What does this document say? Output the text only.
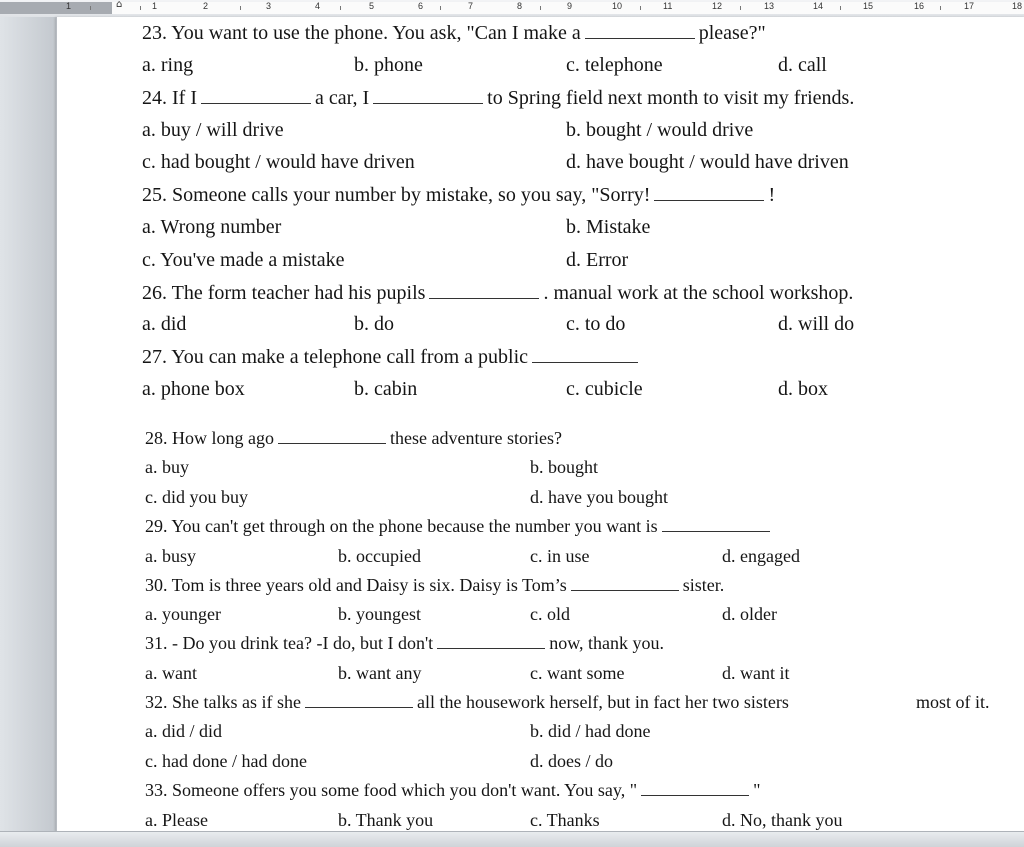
⌂
1	1	2	3	4	5	6	7	8	9	10	11	12	13	14	15	16	17	18
23. You want to use the phone. You ask, "Can I make a	please?"
a. ring	b. phone	c. telephone	d. call
24. If I	a car, I	to Spring field next month to visit my friends.
a. buy / will drive	b. bought / would drive
c. had bought / would have driven	d. have bought / would have driven
25. Someone calls your number by mistake, so you say, "Sorry!	!
a. Wrong number	b. Mistake
c. You've made a mistake	d. Error
26. The form teacher had his pupils	. manual work at the school workshop.
a. did	b. do	c. to do	d. will do
27. You can make a telephone call from a public
a. phone box	b. cabin	c. cubicle	d. box
28. How long ago	these adventure stories?
a. buy	b. bought
c. did you buy	d. have you bought
29. You can't get through on the phone because the number you want is
a. busy	b. occupied	c. in use	d. engaged
30. Tom is three years old and Daisy is six. Daisy is Tom’s	sister.
a. younger	b. youngest	c. old	d. older
31. - Do you drink tea? -I do, but I don't	now, thank you.
a. want	b. want any	c. want some	d. want it
32. She talks as if she	all the housework herself, but in fact her two sisters	most of it.
a. did / did	b. did / had done
c. had done / had done	d. does / do
33. Someone offers you some food which you don't want. You say, "	"
a. Please	b. Thank you	c. Thanks	d. No, thank you
